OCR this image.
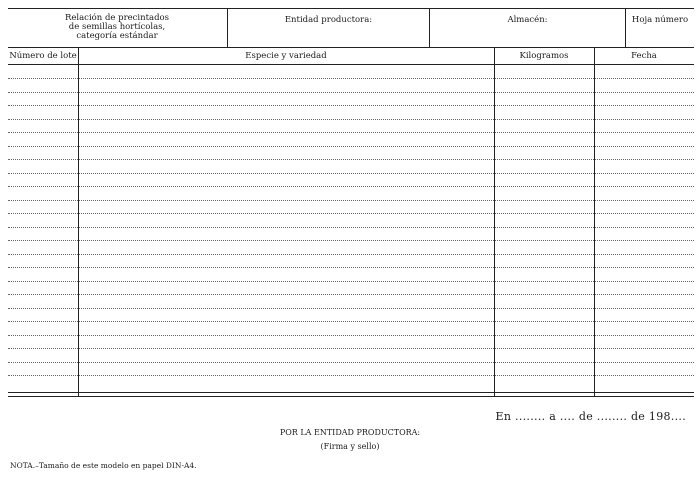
Relación de precintados
de semillas hortícolas,
categoría estándar
Entidad productora:	Almacén:	Hoja número
Número de lote	Especie y variedad	Kilogramos	Fecha
En ........ a .... de ........ de 198....
POR LA ENTIDAD PRODUCTORA:
(Firma y sello)
NOTA.–Tamaño de este modelo en papel DIN-A4.
